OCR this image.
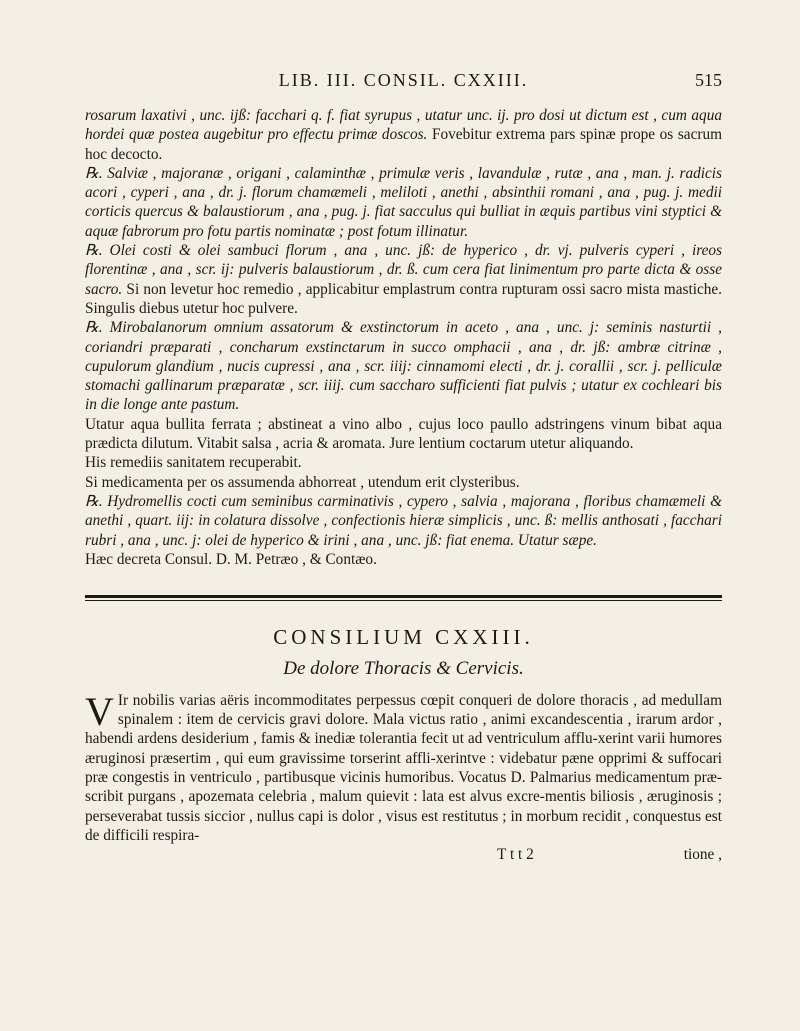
LIB. III. CONSIL. CXXIII.	515

rosarum laxativi , unc. ijß: facchari q. f. fiat syrupus , utatur unc. ij. pro dosi ut dictum est , cum aqua hordei quæ postea augebitur pro effectu primæ doscos. Fovebitur extrema pars spinæ prope os sacrum hoc decocto.

℞. Salviæ , majoranæ , origani , calaminthæ , primulæ veris , lavandulæ , rutæ , ana , man. j. radicis acori , cyperi , ana , dr. j. florum chamæmeli , meliloti , anethi , absinthii romani , ana , pug. j. medii corticis quercus & balaustiorum , ana , pug. j. fiat sacculus qui bulliat in æquis partibus vini styptici & aquæ fabrorum pro fotu partis nominatæ ; post fotum illinatur.

℞. Olei costi & olei sambuci florum , ana , unc. jß: de hyperico , dr. vj. pulveris cyperi , ireos florentinæ , ana , scr. ij: pulveris balaustiorum , dr. ß. cum cera fiat linimentum pro parte dicta & osse sacro. Si non levetur hoc remedio , applicabitur emplastrum contra rupturam ossi sacro mista mastiche. Singulis diebus utetur hoc pulvere.

℞. Mirobalanorum omnium assatorum & exstinctorum in aceto , ana , unc. j: seminis nasturtii , coriandri præparati , concharum exstinctarum in succo omphacii , ana , dr. jß: ambræ citrinæ , cupulorum glandium , nucis cupressi , ana , scr. iiij: cinnamomi electi , dr. j. corallii , scr. j. pelliculæ stomachi gallinarum præparatæ , scr. iiij. cum saccharo sufficienti fiat pulvis ; utatur ex cochleari bis in die longe ante pastum.

Utatur aqua bullita ferrata ; abstineat a vino albo , cujus loco paullo adstringens vinum bibat aqua prædicta dilutum. Vitabit salsa , acria & aromata. Jure lentium coctarum utetur aliquando.

His remediis sanitatem recuperabit.

Si medicamenta per os assumenda abhorreat , utendum erit clysteribus.

℞. Hydromellis cocti cum seminibus carminativis , cypero , salvia , majorana , floribus chamæmeli & anethi , quart. iij: in colatura dissolve , confectionis hieræ simplicis , unc. ß: mellis anthosati , facchari rubri , ana , unc. j: olei de hyperico & irini , ana , unc. jß: fiat enema. Utatur sæpe.

Hæc decreta Consul. D. M. Petræo , & Contæo.

CONSILIUM CXXIII.
De dolore Thoracis & Cervicis.

V Ir nobilis varias aëris incommoditates perpessus cœpit conqueri de dolore thoracis , ad medullam spinalem : item de cervicis gravi dolore. Mala victus ratio , animi excandescentia , irarum ardor , habendi ardens desiderium , famis & inediæ tolerantia fecit ut ad ventriculum afflu-xerint varii humores æruginosi præsertim , qui eum gravissime torserint affli-xerintve : videbatur pæne opprimi & suffocari præ congestis in ventriculo , partibusque vicinis humoribus. Vocatus D. Palmarius medicamentum præ-scribit purgans , apozemata celebria , malum quievit : lata est alvus excre-mentis biliosis , æruginosis ; perseverabat tussis siccior , nullus capi is dolor , visus est restitutus ; in morbum recidit , conquestus est de difficili respira-

T t t 2	tione ,
